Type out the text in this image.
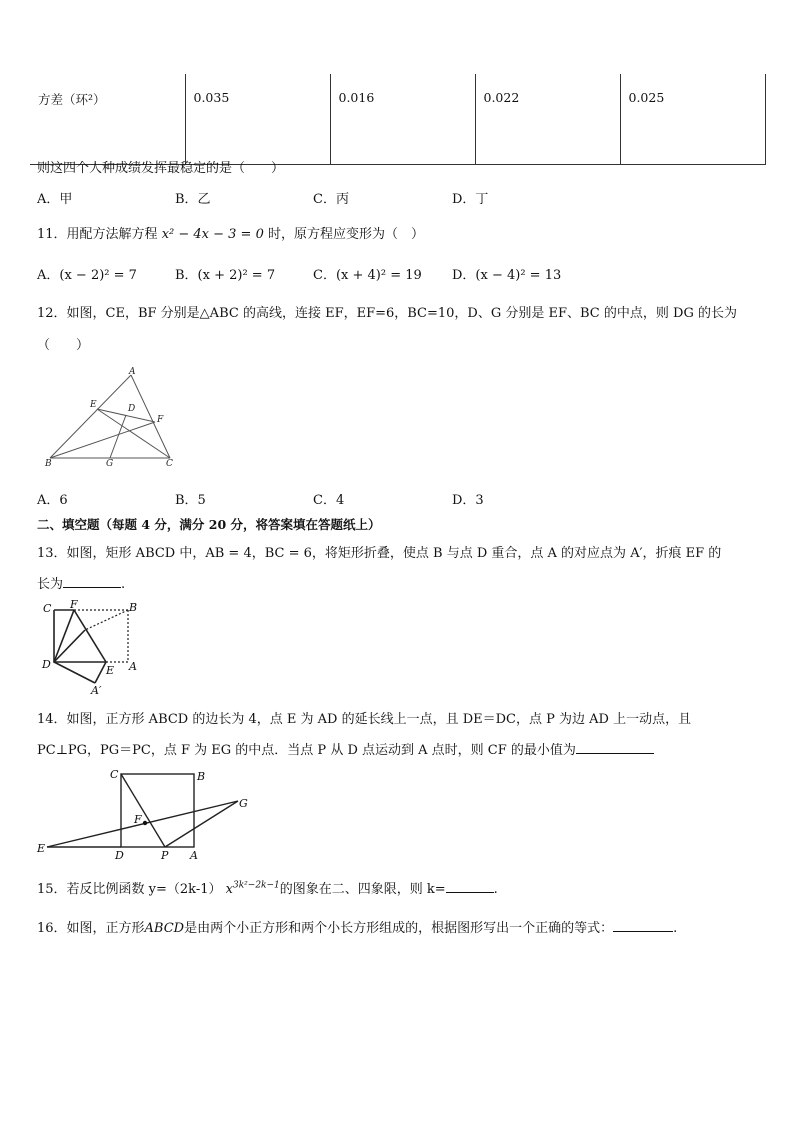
方差（环²）	0.035	0.016	0.022	0.025
则这四个人种成绩发挥最稳定的是（　　）
A．甲	B．乙	C．丙	D．丁
11．用配方法解方程 x² − 4x − 3 = 0 时，原方程应变形为（　）
A．(x − 2)² = 7	B．(x + 2)² = 7	C．(x + 4)² = 19 D．(x − 4)² = 13
12．如图，CE，BF 分别是△ABC 的高线，连接 EF，EF=6，BC=10，D、G 分别是 EF、BC 的中点，则 DG 的长为
（　　）
A
E	D
F
B	G	C
A．6	B．5	C．4	D．3
二、填空题（每题 4 分，满分 20 分，将答案填在答题纸上）
13．如图，矩形 ABCD 中，AB = 4，BC = 6，将矩形折叠，使点 B 与点 D 重合，点 A 的对应点为 A′，折痕 EF 的
长为	.
C F	B
D	E A
A′
14．如图，正方形 ABCD 的边长为 4，点 E 为 AD 的延长线上一点，且 DE＝DC，点 P 为边 AD 上一动点，且
PC⊥PG，PG＝PC，点 F 为 EG 的中点．当点 P 从 D 点运动到 A 点时，则 CF 的最小值为
C	B
G
F
E
D	P A
15．若反比例函数 y=（2k-1） $x^{3k^2-2k-1}$的图象在二、四象限，则 k=	.
16．如图，正方形ABCD是由两个小正方形和两个小长方形组成的，根据图形写出一个正确的等式：	.
